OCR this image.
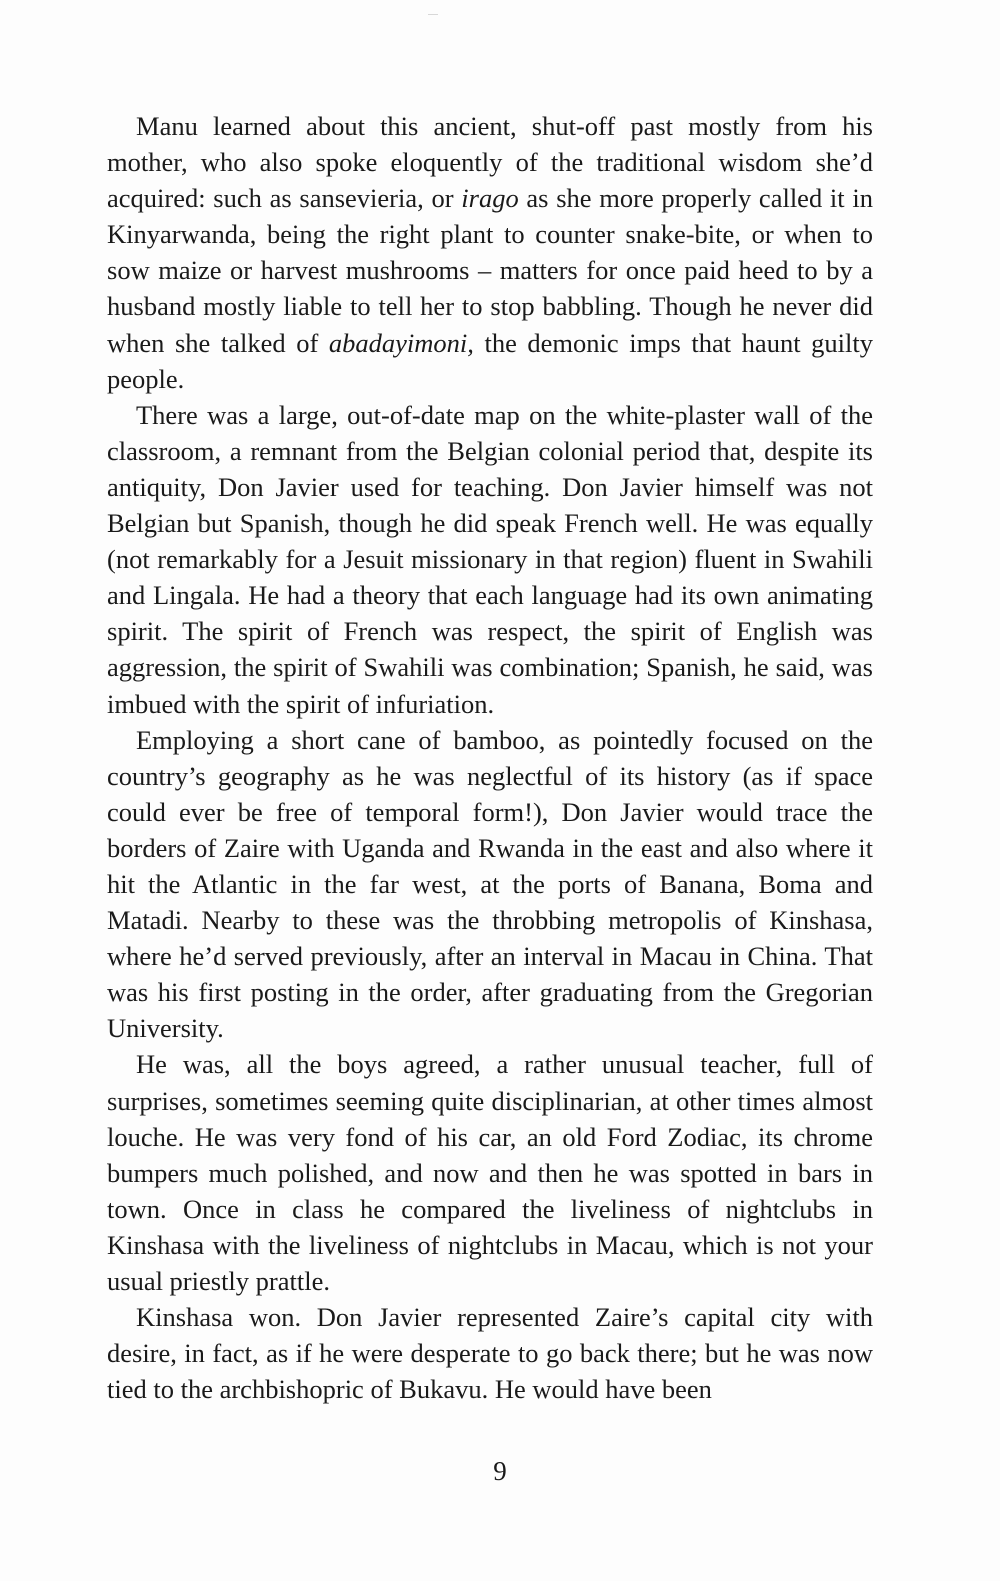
Manu learned about this ancient, shut-off past mostly from his mother, who also spoke eloquently of the traditional wisdom she’d acquired: such as sansevieria, or irago as she more properly called it in Kinyarwanda, being the right plant to counter snake-bite, or when to sow maize or harvest mushrooms – matters for once paid heed to by a husband mostly liable to tell her to stop babbling. Though he never did when she talked of abadayimoni, the demonic imps that haunt guilty people.

There was a large, out-of-date map on the white-plaster wall of the classroom, a remnant from the Belgian colonial period that, despite its antiquity, Don Javier used for teaching. Don Javier himself was not Belgian but Spanish, though he did speak French well. He was equally (not remarkably for a Jesuit missionary in that region) fluent in Swahili and Lingala. He had a theory that each language had its own animating spirit. The spirit of French was respect, the spirit of English was aggression, the spirit of Swahili was combination; Spanish, he said, was imbued with the spirit of infuriation.

Employing a short cane of bamboo, as pointedly focused on the country’s geography as he was neglectful of its history (as if space could ever be free of temporal form!), Don Javier would trace the borders of Zaire with Uganda and Rwanda in the east and also where it hit the Atlantic in the far west, at the ports of Banana, Boma and Matadi. Nearby to these was the throbbing metropolis of Kinshasa, where he’d served previously, after an interval in Macau in China. That was his first posting in the order, after graduating from the Gregorian University.

He was, all the boys agreed, a rather unusual teacher, full of surprises, sometimes seeming quite disciplinarian, at other times almost louche. He was very fond of his car, an old Ford Zodiac, its chrome bumpers much polished, and now and then he was spotted in bars in town. Once in class he compared the liveliness of nightclubs in Kinshasa with the liveliness of nightclubs in Macau, which is not your usual priestly prattle.

Kinshasa won. Don Javier represented Zaire’s capital city with desire, in fact, as if he were desperate to go back there; but he was now tied to the archbishopric of Bukavu. He would have been

9
